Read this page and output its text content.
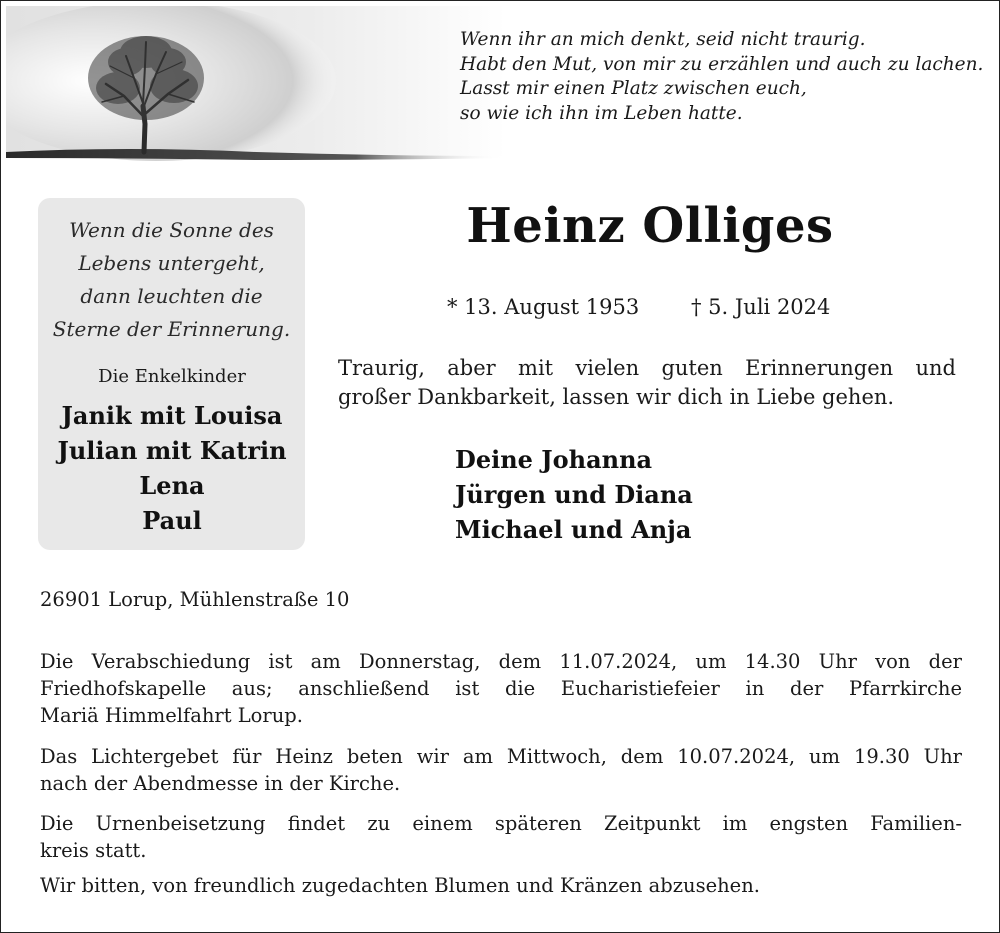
Wenn ihr an mich denkt, seid nicht traurig.
Habt den Mut, von mir zu erzählen und auch zu lachen.
Lasst mir einen Platz zwischen euch,
so wie ich ihn im Leben hatte.
Wenn die Sonne des
Lebens untergeht,
dann leuchten die
Sterne der Erinnerung.
Die Enkelkinder
Janik mit Louisa
Julian mit Katrin
Lena
Paul
Heinz Olliges
* 13. August 1953 † 5. Juli 2024
Traurig, aber mit vielen guten Erinnerungen und
großer Dankbarkeit, lassen wir dich in Liebe gehen.
Deine Johanna
Jürgen und Diana
Michael und Anja
26901 Lorup, Mühlenstraße 10
Die Verabschiedung ist am Donnerstag, dem 11.07.2024, um 14.30 Uhr von der
Friedhofskapelle aus; anschließend ist die Eucharistiefeier in der Pfarrkirche
Mariä Himmelfahrt Lorup.
Das Lichtergebet für Heinz beten wir am Mittwoch, dem 10.07.2024, um 19.30 Uhr
nach der Abendmesse in der Kirche.
Die Urnenbeisetzung findet zu einem späteren Zeitpunkt im engsten Familien-
kreis statt.
Wir bitten, von freundlich zugedachten Blumen und Kränzen abzusehen.
